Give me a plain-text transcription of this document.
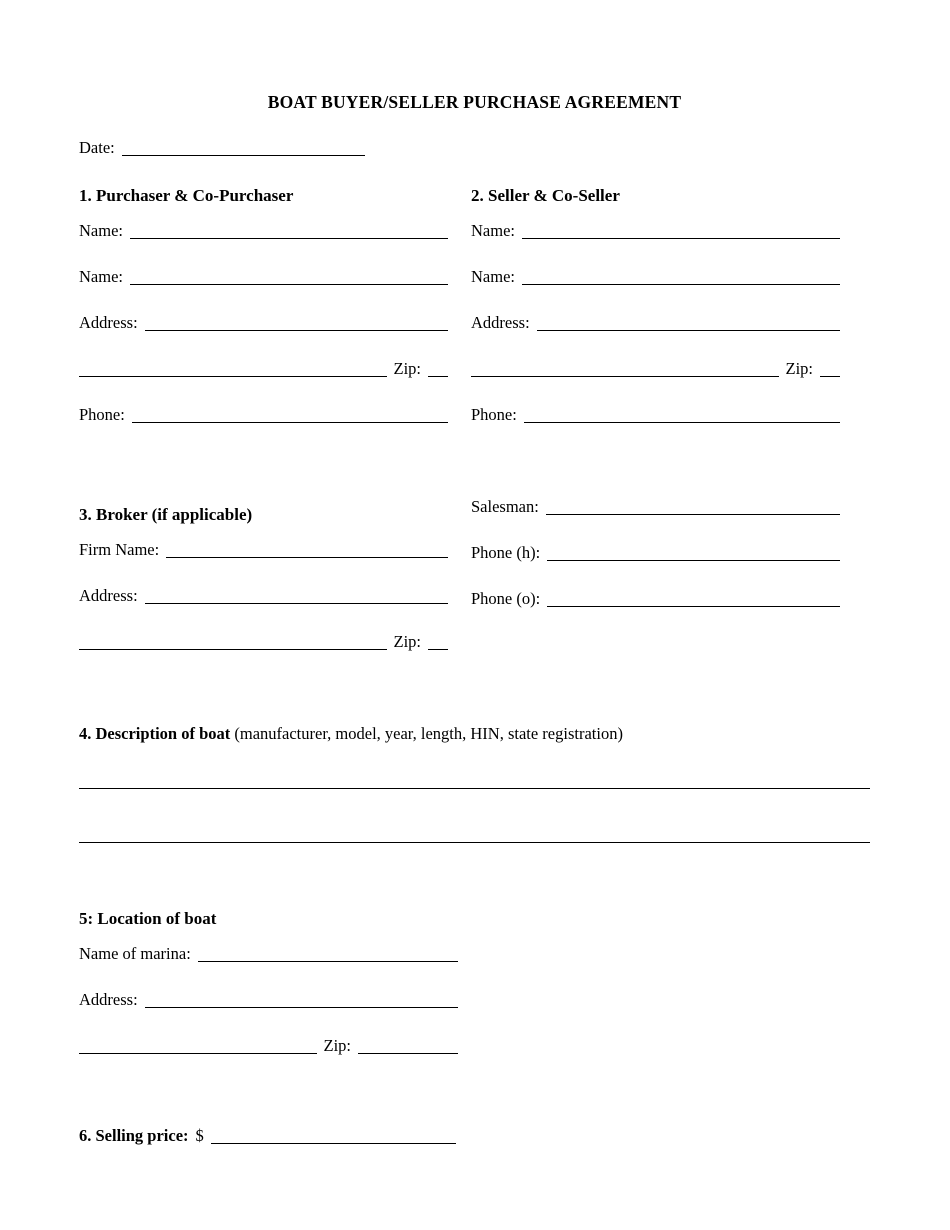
BOAT BUYER/SELLER PURCHASE AGREEMENT
Date:
1. Purchaser & Co-Purchaser
Name:
Name:
Address:
Zip:
Phone:
2. Seller & Co-Seller
Name:
Name:
Address:
Zip:
Phone:
3. Broker (if applicable)
Firm Name:
Address:
Zip:

Salesman:
Phone (h):
Phone (o):
4. Description of boat (manufacturer, model, year, length, HIN, state registration)
5: Location of boat
Name of marina:
Address:
Zip:
6. Selling price: $
